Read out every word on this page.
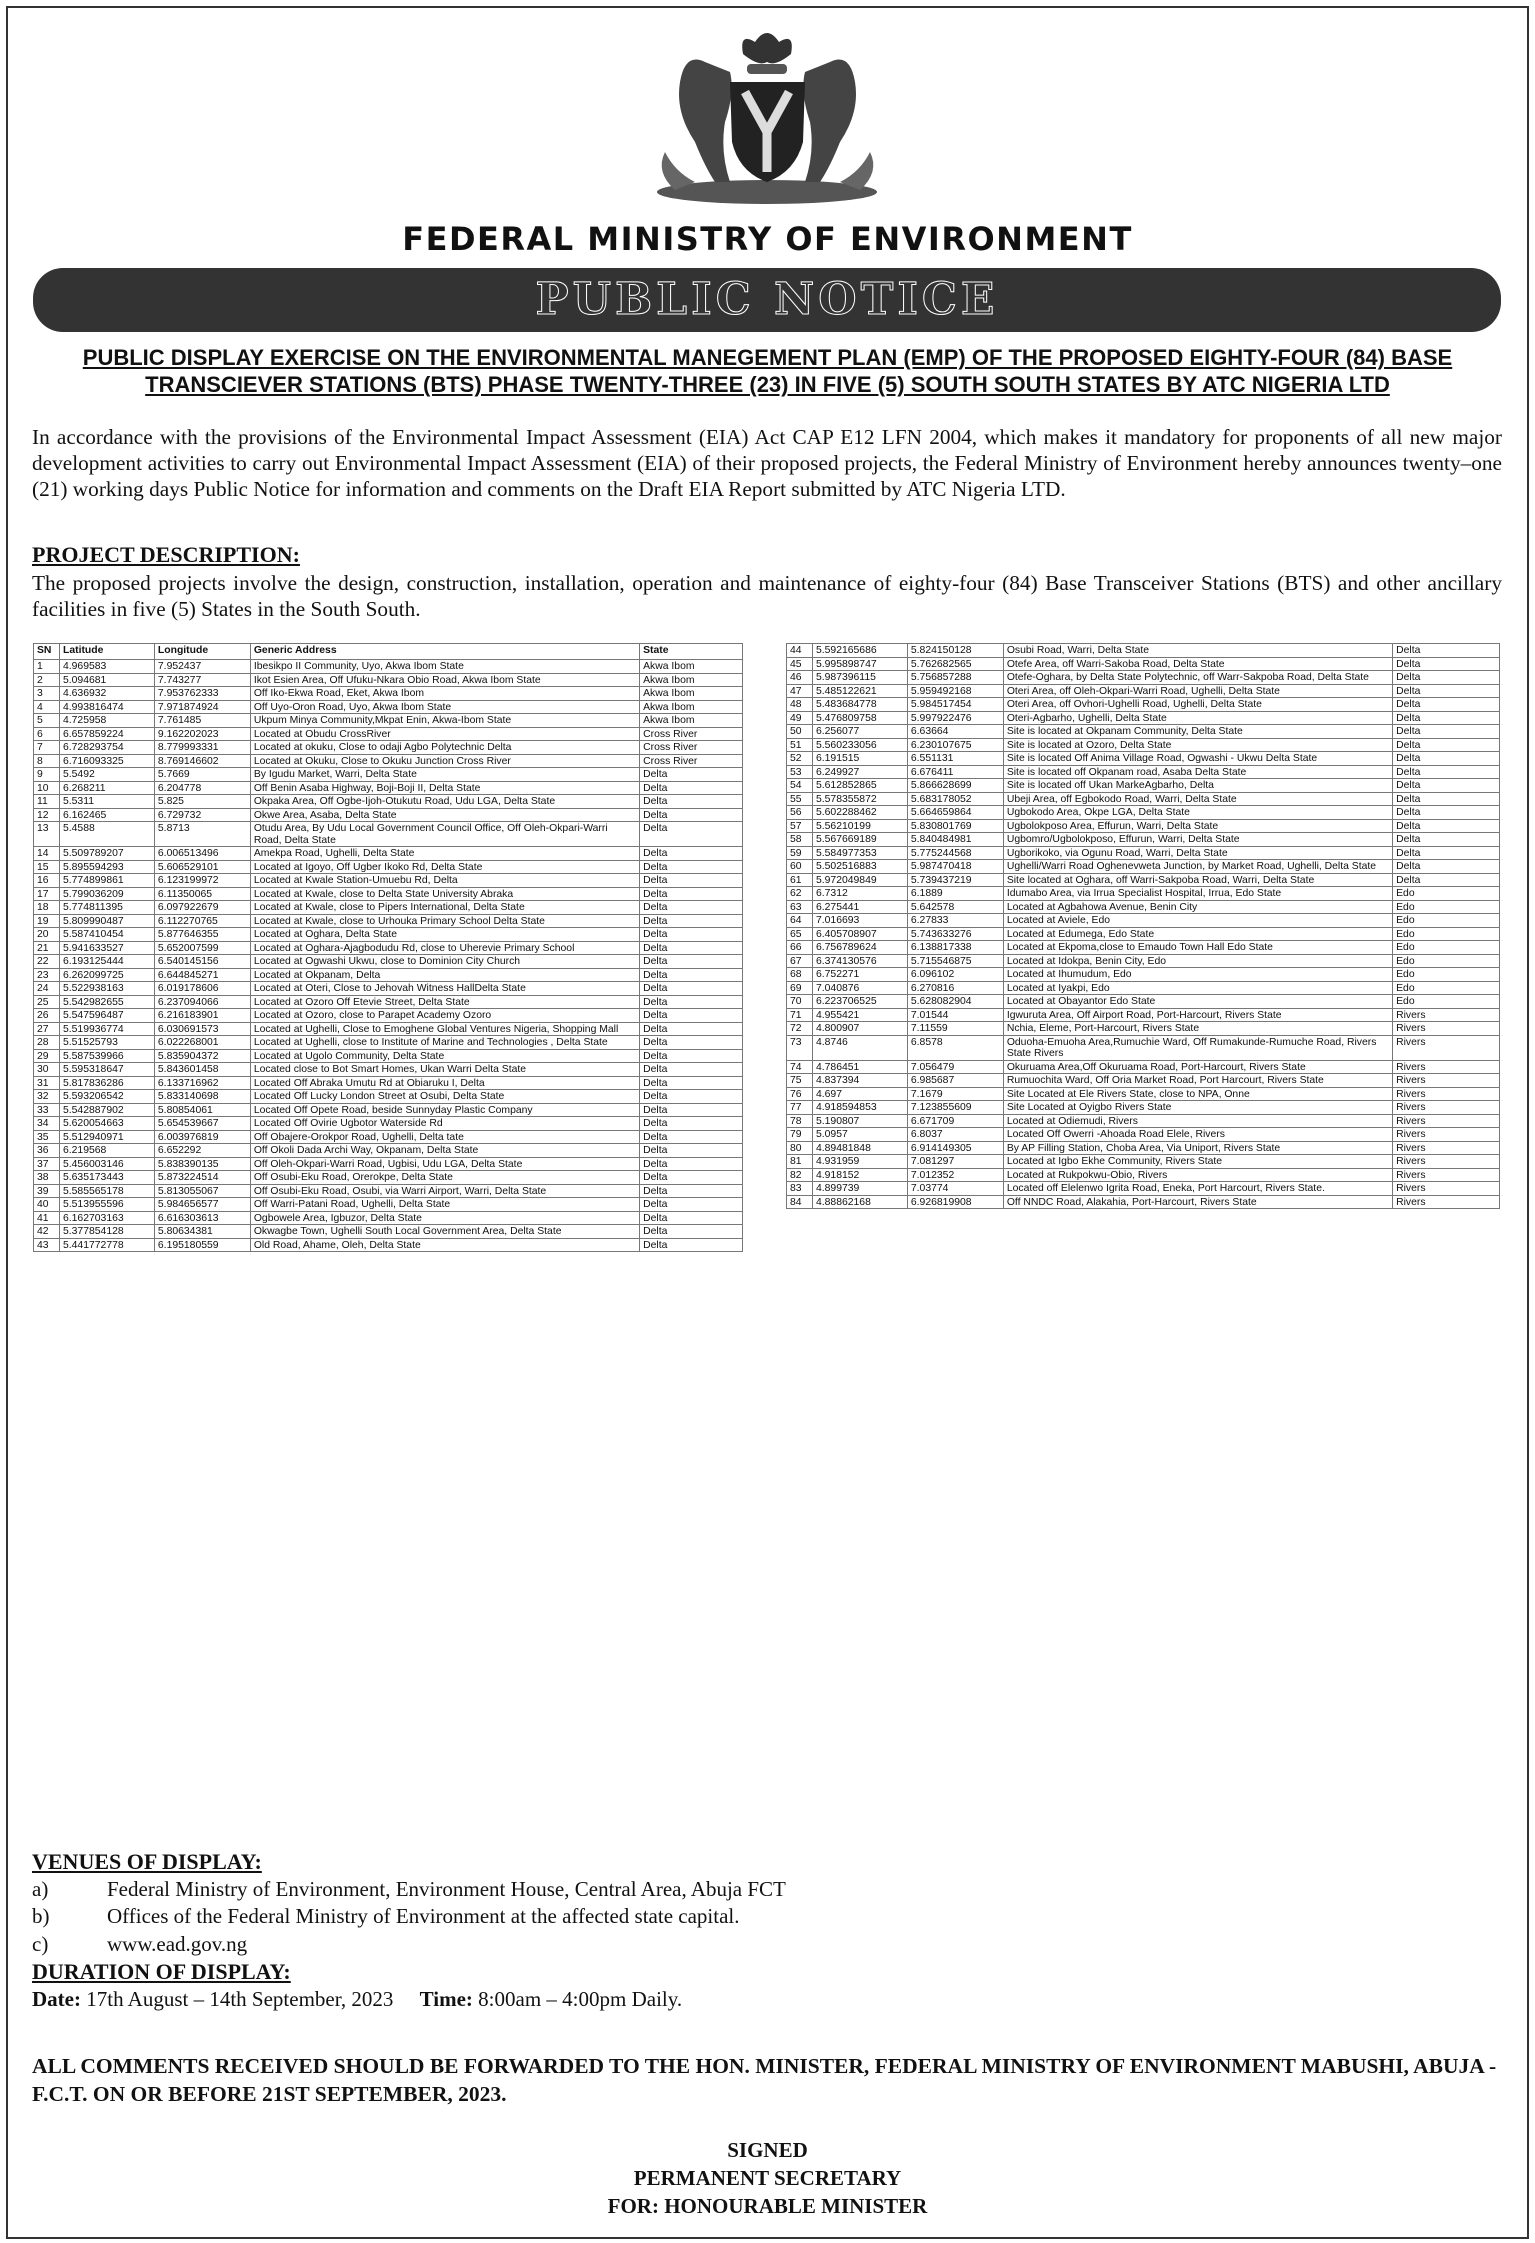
FEDERAL MINISTRY OF ENVIRONMENT
PUBLIC NOTICE
PUBLIC DISPLAY EXERCISE ON THE ENVIRONMENTAL MANEGEMENT PLAN (EMP) OF THE PROPOSED EIGHTY-FOUR (84) BASE
TRANSCIEVER STATIONS (BTS) PHASE TWENTY-THREE (23) IN FIVE (5) SOUTH SOUTH STATES BY ATC NIGERIA LTD
In accordance with the provisions of the Environmental Impact Assessment (EIA) Act CAP E12 LFN 2004, which makes it mandatory for proponents of all new major development activities to carry out Environmental Impact Assessment (EIA) of their proposed projects, the Federal Ministry of Environment hereby announces twenty–one (21) working days Public Notice for information and comments on the Draft EIA Report submitted by ATC Nigeria LTD.
PROJECT DESCRIPTION:
The proposed projects involve the design, construction, installation, operation and maintenance of eighty-four (84) Base Transceiver Stations (BTS) and other ancillary facilities in five (5) States in the South South.
SN	Latitude	Longitude	Generic Address	State
1	4.969583	7.952437	Ibesikpo II Community, Uyo, Akwa Ibom State	Akwa Ibom
2	5.094681	7.743277	Ikot Esien Area, Off Ufuku-Nkara Obio Road, Akwa Ibom State	Akwa Ibom
3	4.636932	7.953762333	Off Iko-Ekwa Road, Eket, Akwa Ibom	Akwa Ibom
4	4.993816474	7.971874924	Off Uyo-Oron Road, Uyo, Akwa Ibom State	Akwa Ibom
5	4.725958	7.761485	Ukpum Minya Community,Mkpat Enin, Akwa-Ibom State	Akwa Ibom
6	6.657859224	9.162202023	Located at Obudu CrossRiver	Cross River
7	6.728293754	8.779993331	Located at okuku, Close to odaji Agbo Polytechnic Delta	Cross River
8	6.716093325	8.769146602	Located at Okuku, Close to Okuku Junction Cross River	Cross River
9	5.5492	5.7669	By Igudu Market, Warri, Delta State	Delta
10	6.268211	6.204778	Off Benin Asaba Highway, Boji-Boji II, Delta State	Delta
11	5.5311	5.825	Okpaka Area, Off Ogbe-Ijoh-Otukutu Road, Udu LGA, Delta State	Delta
12	6.162465	6.729732	Okwe Area, Asaba, Delta State	Delta
13	5.4588	5.8713	Otudu Area, By Udu Local Government Council Office, Off Oleh-Okpari-Warri Road, Delta State	Delta
14	5.509789207	6.006513496	Amekpa Road, Ughelli, Delta State	Delta
15	5.895594293	5.606529101	Located at Igoyo, Off Ugber Ikoko Rd, Delta State	Delta
16	5.774899861	6.123199972	Located at Kwale Station-Umuebu Rd, Delta	Delta
17	5.799036209	6.11350065	Located at Kwale, close to Delta State University Abraka	Delta
18	5.774811395	6.097922679	Located at Kwale, close to Pipers International, Delta State	Delta
19	5.809990487	6.112270765	Located at Kwale, close to Urhouka Primary School Delta State	Delta
20	5.587410454	5.877646355	Located at Oghara, Delta State	Delta
21	5.941633527	5.652007599	Located at Oghara-Ajagbodudu Rd, close to Uherevie Primary School	Delta
22	6.193125444	6.540145156	Located at Ogwashi Ukwu, close to Dominion City Church	Delta
23	6.262099725	6.644845271	Located at Okpanam, Delta	Delta
24	5.522938163	6.019178606	Located at Oteri, Close to Jehovah Witness HallDelta State	Delta
25	5.542982655	6.237094066	Located at Ozoro Off Etevie Street, Delta State	Delta
26	5.547596487	6.216183901	Located at Ozoro, close to Parapet Academy Ozoro	Delta
27	5.519936774	6.030691573	Located at Ughelli, Close to Emoghene Global Ventures Nigeria, Shopping Mall	Delta
28	5.51525793	6.022268001	Located at Ughelli, close to Institute of Marine and Technologies , Delta State	Delta
29	5.587539966	5.835904372	Located at Ugolo Community, Delta State	Delta
30	5.595318647	5.843601458	Located close to Bot Smart Homes, Ukan Warri Delta State	Delta
31	5.817836286	6.133716962	Located Off Abraka Umutu Rd at Obiaruku I, Delta	Delta
32	5.593206542	5.833140698	Located Off Lucky London Street at Osubi, Delta State	Delta
33	5.542887902	5.80854061	Located Off Opete Road, beside Sunnyday Plastic Company	Delta
34	5.620054663	5.654539667	Located Off Ovirie Ugbotor Waterside Rd	Delta
35	5.512940971	6.003976819	Off Obajere-Orokpor Road, Ughelli, Delta tate	Delta
36	6.219568	6.652292	Off Okoli Dada Archi Way, Okpanam, Delta State	Delta
37	5.456003146	5.838390135	Off Oleh-Okpari-Warri Road, Ugbisi, Udu LGA, Delta State	Delta
38	5.635173443	5.873224514	Off Osubi-Eku Road, Orerokpe, Delta State	Delta
39	5.585565178	5.813055067	Off Osubi-Eku Road, Osubi, via Warri Airport, Warri, Delta State	Delta
40	5.513955596	5.984656577	Off Warri-Patani Road, Ughelli, Delta State	Delta
41	6.162703163	6.616303613	Ogbowele Area, Igbuzor, Delta State	Delta
42	5.377854128	5.80634381	Okwagbe Town, Ughelli South Local Government Area, Delta State	Delta
43	5.441772778	6.195180559	Old Road, Ahame, Oleh, Delta State	Delta
44	5.592165686	5.824150128	Osubi Road, Warri, Delta State	Delta
45	5.995898747	5.762682565	Otefe Area, off Warri-Sakoba Road, Delta State	Delta
46	5.987396115	5.756857288	Otefe-Oghara, by Delta State Polytechnic, off Warr-Sakpoba Road, Delta State	Delta
47	5.485122621	5.959492168	Oteri Area, off Oleh-Okpari-Warri Road, Ughelli, Delta State	Delta
48	5.483684778	5.984517454	Oteri Area, off Ovhori-Ughelli Road, Ughelli, Delta State	Delta
49	5.476809758	5.997922476	Oteri-Agbarho, Ughelli, Delta State	Delta
50	6.256077	6.63664	Site is located at Okpanam Community, Delta State	Delta
51	5.560233056	6.230107675	Site is located at Ozoro, Delta State	Delta
52	6.191515	6.551131	Site is located Off Anima Village Road, Ogwashi - Ukwu Delta State	Delta
53	6.249927	6.676411	Site is located off Okpanam road, Asaba Delta State	Delta
54	5.612852865	5.866628699	Site is located off Ukan MarkeAgbarho, Delta	Delta
55	5.578355872	5.683178052	Ubeji Area, off Egbokodo Road, Warri, Delta State	Delta
56	5.602288462	5.664659864	Ugbokodo Area, Okpe LGA, Delta State	Delta
57	5.56210199	5.830801769	Ugbolokposo Area, Effurun, Warri, Delta State	Delta
58	5.567669189	5.840484981	Ugbomro/Ugbolokposo, Effurun, Warri, Delta State	Delta
59	5.584977353	5.775244568	Ugborikoko, via Ogunu Road, Warri, Delta State	Delta
60	5.502516883	5.987470418	Ughelli/Warri Road Oghenevweta Junction, by Market Road, Ughelli, Delta State	Delta
61	5.972049849	5.739437219	Site located at Oghara, off Warri-Sakpoba Road, Warri, Delta State	Delta
62	6.7312	6.1889	Idumabo Area, via Irrua Specialist Hospital, Irrua, Edo State	Edo
63	6.275441	5.642578	Located at Agbahowa Avenue, Benin City	Edo
64	7.016693	6.27833	Located at Aviele, Edo	Edo
65	6.405708907	5.743633276	Located at Edumega, Edo State	Edo
66	6.756789624	6.138817338	Located at Ekpoma,close to Emaudo Town Hall Edo State	Edo
67	6.374130576	5.715546875	Located at Idokpa, Benin City, Edo	Edo
68	6.752271	6.096102	Located at Ihumudum, Edo	Edo
69	7.040876	6.270816	Located at Iyakpi, Edo	Edo
70	6.223706525	5.628082904	Located at Obayantor Edo State	Edo
71	4.955421	7.01544	Igwuruta Area, Off Airport Road, Port-Harcourt, Rivers State	Rivers
72	4.800907	7.11559	Nchia, Eleme, Port-Harcourt, Rivers State	Rivers
73	4.8746	6.8578	Oduoha-Emuoha Area,Rumuchie Ward, Off Rumakunde-Rumuche Road, Rivers State Rivers	Rivers
74	4.786451	7.056479	Okuruama Area,Off Okuruama Road, Port-Harcourt, Rivers State	Rivers
75	4.837394	6.985687	Rumuochita Ward, Off Oria Market Road, Port Harcourt, Rivers State	Rivers
76	4.697	7.1679	Site Located at Ele Rivers State, close to NPA, Onne	Rivers
77	4.918594853	7.123855609	Site Located at Oyigbo Rivers State	Rivers
78	5.190807	6.671709	Located at Odiemudi, Rivers	Rivers
79	5.0957	6.8037	Located Off Owerri -Ahoada Road Elele, Rivers	Rivers
80	4.89481848	6.914149305	By AP Filling Station, Choba Area, Via Uniport, Rivers State	Rivers
81	4.931959	7.081297	Located at Igbo Ekhe Community, Rivers State	Rivers
82	4.918152	7.012352	Located at Rukpokwu-Obio, Rivers	Rivers
83	4.899739	7.03774	Located off Elelenwo Igrita Road, Eneka, Port Harcourt, Rivers State.	Rivers
84	4.88862168	6.926819908	Off NNDC Road, Alakahia, Port-Harcourt, Rivers State	Rivers
VENUES OF DISPLAY:
a)	Federal Ministry of Environment, Environment House, Central Area, Abuja FCT
b)	Offices of the Federal Ministry of Environment at the affected state capital.
c)	www.ead.gov.ng
DURATION OF DISPLAY:
Date: 17th August – 14th September, 2023 Time: 8:00am – 4:00pm Daily.
ALL COMMENTS RECEIVED SHOULD BE FORWARDED TO THE HON. MINISTER, FEDERAL MINISTRY OF ENVIRONMENT MABUSHI, ABUJA - F.C.T. ON OR BEFORE 21ST SEPTEMBER, 2023.
SIGNED
PERMANENT SECRETARY
FOR: HONOURABLE MINISTER
